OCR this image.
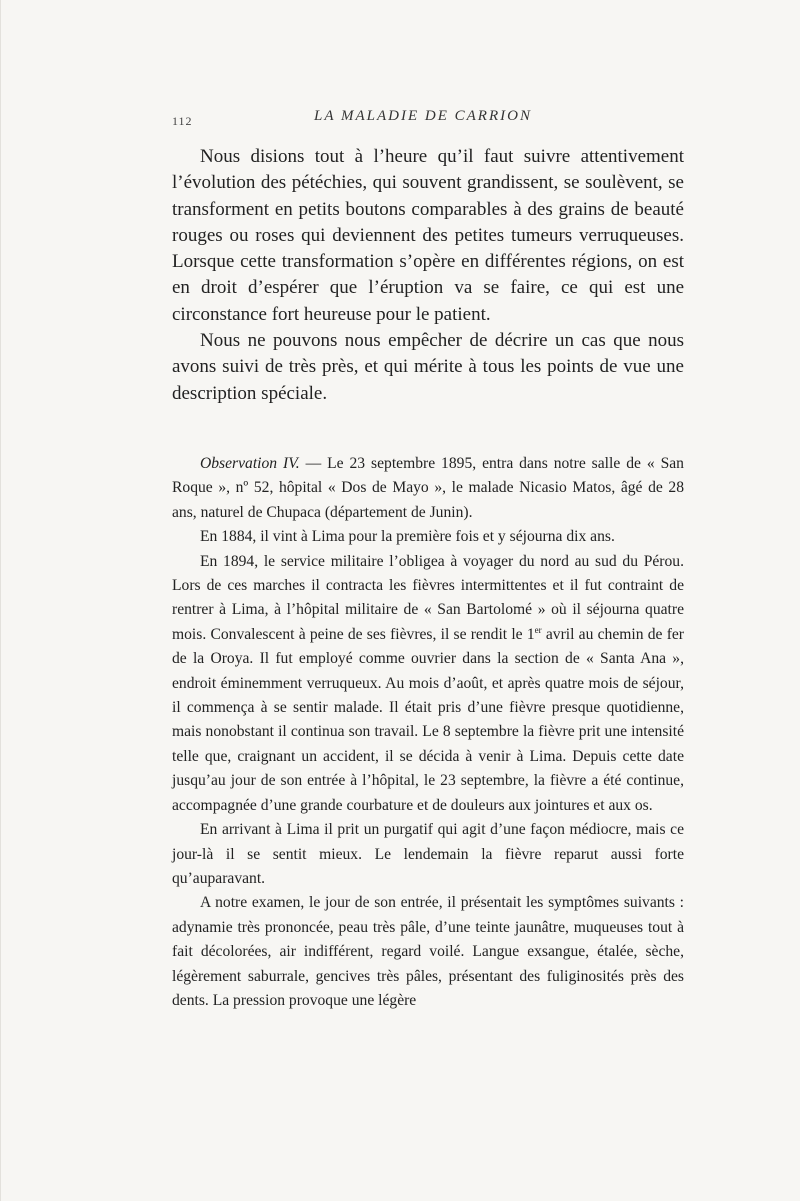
112	LA MALADIE DE CARRION

Nous disions tout à l’heure qu’il faut suivre attentivement l’évolution des pétéchies, qui souvent grandissent, se soulèvent, se transforment en petits boutons comparables à des grains de beauté rouges ou roses qui deviennent des petites tumeurs verruqueuses. Lorsque cette transformation s’opère en différentes régions, on est en droit d’espérer que l’éruption va se faire, ce qui est une circonstance fort heureuse pour le patient.

Nous ne pouvons nous empêcher de décrire un cas que nous avons suivi de très près, et qui mérite à tous les points de vue une description spéciale.

Observation IV. — Le 23 septembre 1895, entra dans notre salle de « San Roque », nº 52, hôpital « Dos de Mayo », le malade Nicasio Matos, âgé de 28 ans, naturel de Chupaca (département de Junin).

En 1884, il vint à Lima pour la première fois et y séjourna dix ans.

En 1894, le service militaire l’obligea à voyager du nord au sud du Pérou. Lors de ces marches il contracta les fièvres intermittentes et il fut contraint de rentrer à Lima, à l’hôpital militaire de « San Bartolomé » où il séjourna quatre mois. Convalescent à peine de ses fièvres, il se rendit le 1er avril au chemin de fer de la Oroya. Il fut employé comme ouvrier dans la section de « Santa Ana », endroit éminemment verruqueux. Au mois d’août, et après quatre mois de séjour, il commença à se sentir malade. Il était pris d’une fièvre presque quotidienne, mais nonobstant il continua son travail. Le 8 septembre la fièvre prit une intensité telle que, craignant un accident, il se décida à venir à Lima. Depuis cette date jusqu’au jour de son entrée à l’hôpital, le 23 septembre, la fièvre a été continue, accompagnée d’une grande courbature et de douleurs aux jointures et aux os.

En arrivant à Lima il prit un purgatif qui agit d’une façon médiocre, mais ce jour-là il se sentit mieux. Le lendemain la fièvre reparut aussi forte qu’auparavant.

A notre examen, le jour de son entrée, il présentait les symptômes suivants : adynamie très prononcée, peau très pâle, d’une teinte jaunâtre, muqueuses tout à fait décolorées, air indifférent, regard voilé. Langue exsangue, étalée, sèche, légèrement saburrale, gencives très pâles, présentant des fuliginosités près des dents. La pression provoque une légère
